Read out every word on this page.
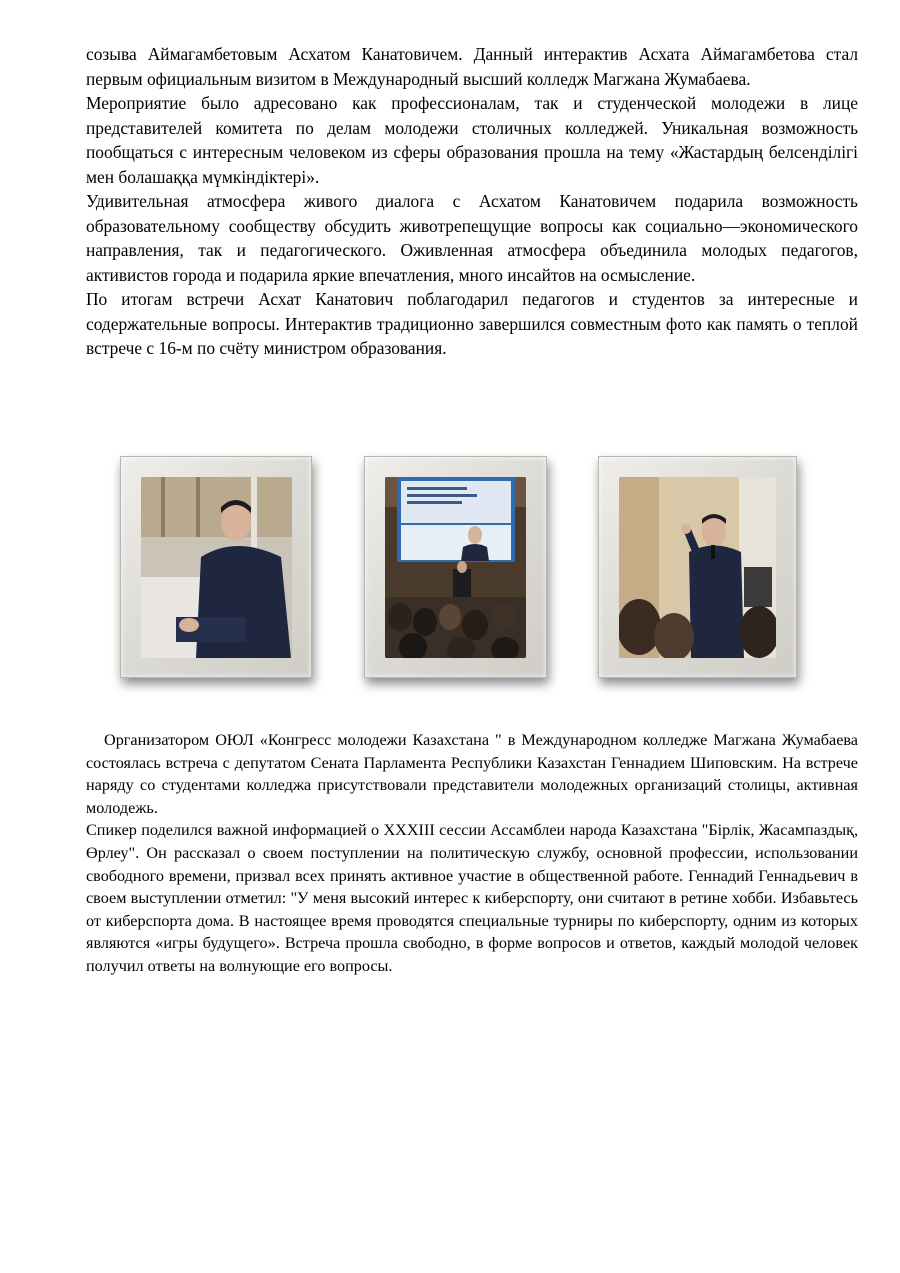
созыва Аймагамбетовым Асхатом Канатовичем. Данный интерактив Асхата Аймагамбетова стал первым официальным визитом в Международный высший колледж Магжана Жумабаева.

Мероприятие было адресовано как профессионалам, так и студенческой молодежи в лице представителей комитета по делам молодежи столичных колледжей. Уникальная возможность пообщаться с интересным человеком из сферы образования прошла на тему «Жастардың белсенділігі мен болашаққа мүмкіндіктері».

Удивительная атмосфера живого диалога с Асхатом Канатовичем подарила возможность образовательному сообществу обсудить животрепещущие вопросы как социально—экономического направления, так и педагогического. Оживленная атмосфера объединила молодых педагогов, активистов города и подарила яркие впечатления, много инсайтов на осмысление.

По итогам встречи Асхат Канатович поблагодарил педагогов и студентов за интересные и содержательные вопросы. Интерактив традиционно завершился совместным фото как память о теплой встрече с 16-м по счёту министром образования.

Организатором ОЮЛ «Конгресс молодежи Казахстана " в Международном колледже Магжана Жумабаева состоялась встреча с депутатом Сената Парламента Республики Казахстан Геннадием Шиповским. На встрече наряду со студентами колледжа присутствовали представители молодежных организаций столицы, активная молодежь.

Спикер поделился важной информацией о XXXIII сессии Ассамблеи народа Казахстана "Бірлік, Жасампаздық, Өрлеу". Он рассказал о своем поступлении на политическую службу, основной профессии, использовании свободного времени, призвал всех принять активное участие в общественной работе. Геннадий Геннадьевич в своем выступлении отметил: "У меня высокий интерес к киберспорту, они считают в ретине хобби. Избавьтесь от киберспорта дома. В настоящее время проводятся специальные турниры по киберспорту, одним из которых являются «игры будущего». Встреча прошла свободно, в форме вопросов и ответов, каждый молодой человек получил ответы на волнующие его вопросы.
